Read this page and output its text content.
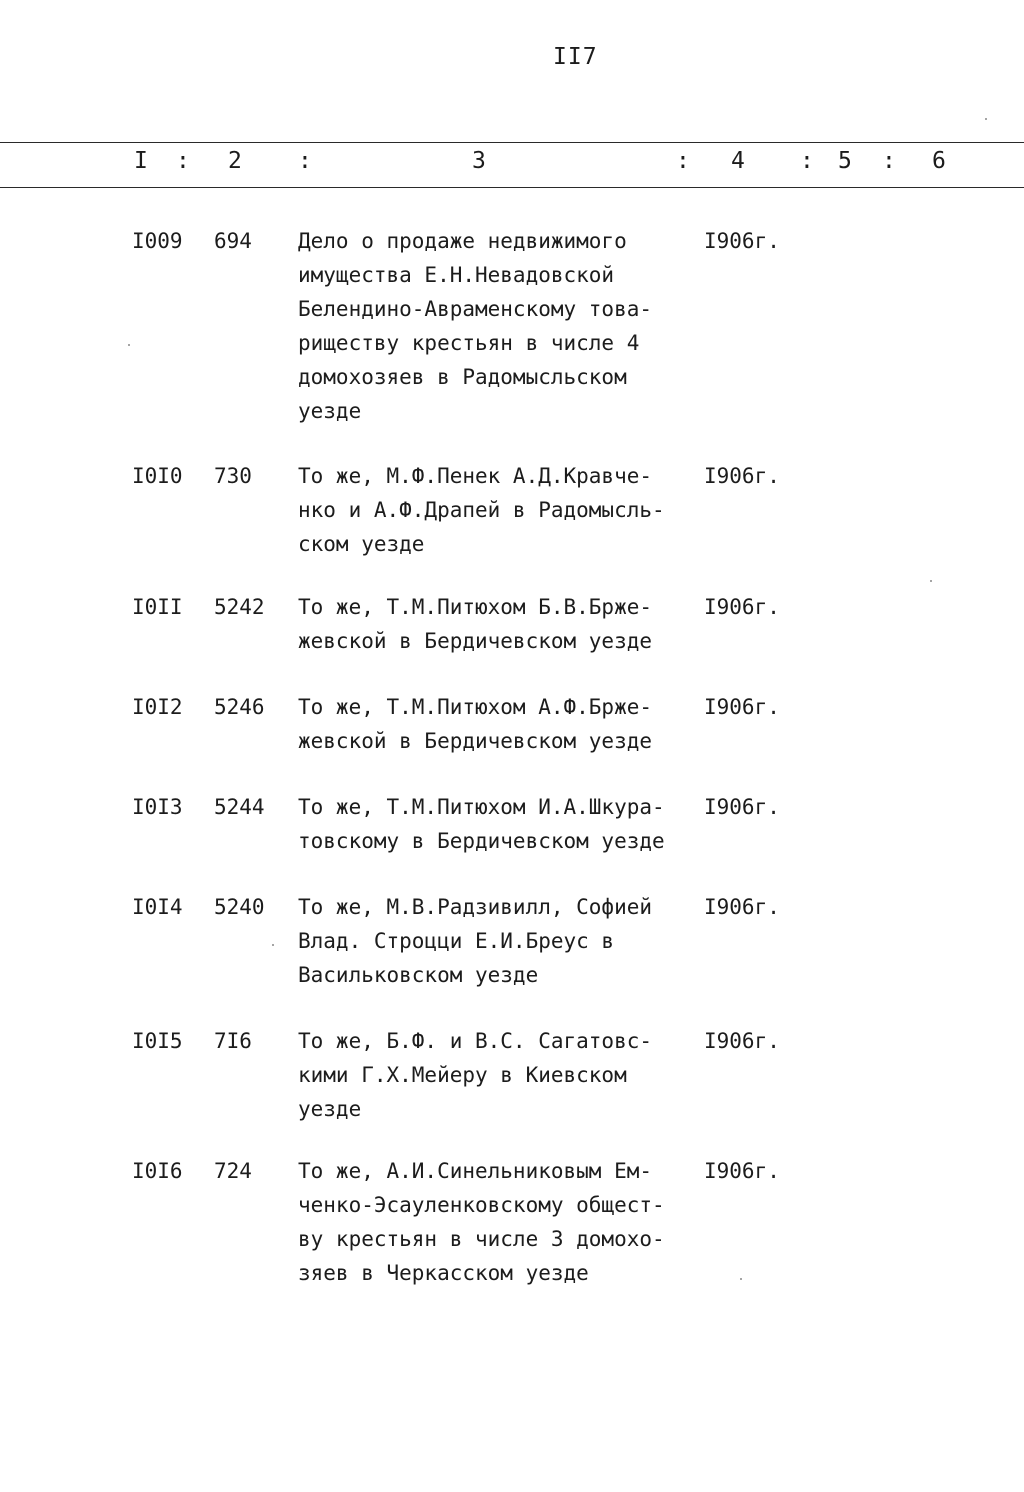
II7
I : 2 :	3	: 4 : 5 : 6
I009 694 Дело о продаже недвижимого
имущества Е.Н.Невадовской
Белендино-Авраменскому това-
риществу крестьян в числе 4
домохозяев в Радомысльском
уезде
I906г.
I0I0 730 То же, М.Ф.Пенек А.Д.Кравче-
нко и А.Ф.Драпей в Радомысль-
ском уезде
I906г.
I0II 5242 То же, Т.М.Питюхом Б.В.Бржe-
жевской в Бердичевском уезде
I906г.
I0I2 5246 То же, Т.М.Питюхом А.Ф.Бржe-
жевской в Бердичевском уезде
I906г.
I0I3 5244 То же, Т.М.Питюхом И.А.Шкура-
товскому в Бердичевском уезде
I906г.
I0I4 5240 То же, М.В.Радзивилл, Софией
Влад. Строцци Е.И.Бреус в
Васильковском уезде
I906г.
I0I5 7I6 То же, Б.Ф. и В.С. Сагатовс-
кими Г.Х.Мейеру в Киевском
уезде
I906г.
I0I6 724 То же, А.И.Синельниковым Ем-
ченко-Эсауленковскому общест-
ву крестьян в числе 3 домохо-
зяев в Черкасском уезде
I906г.
